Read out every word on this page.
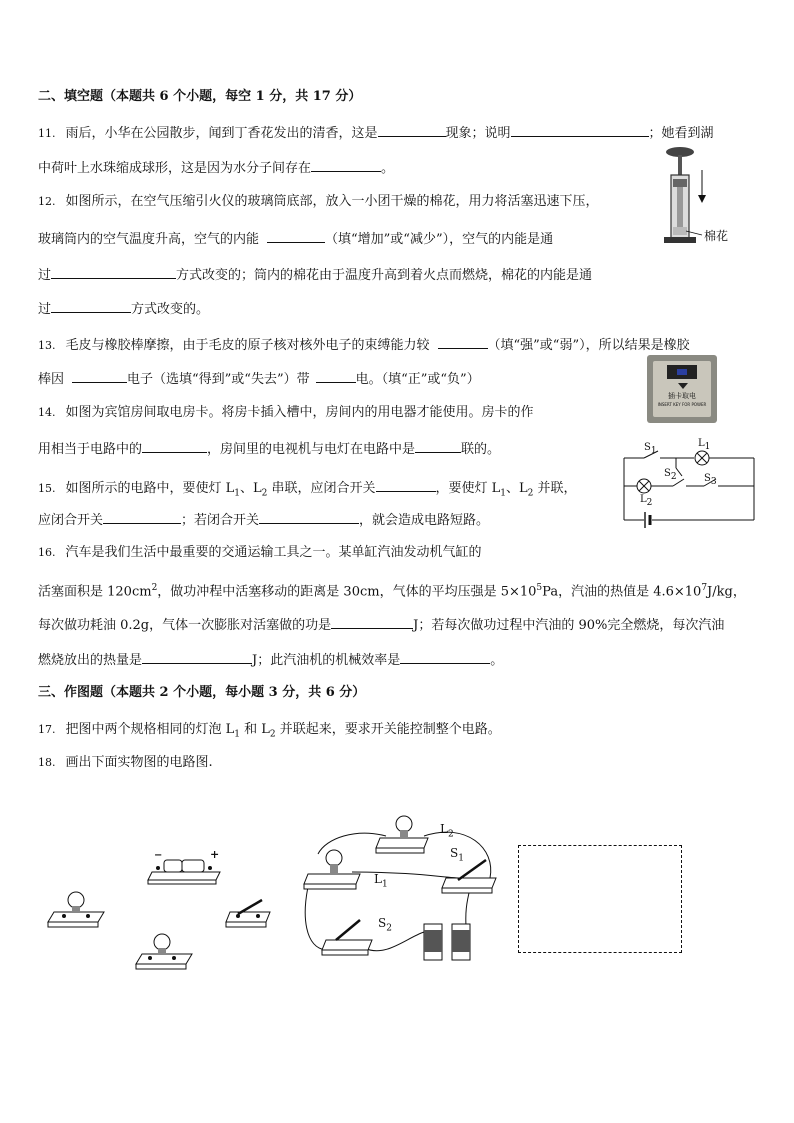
二、填空题（本题共 6 个小题，每空 1 分，共 17 分）
11. 雨后，小华在公园散步，闻到丁香花发出的清香，这是	现象；说明	；她看到湖
中荷叶上水珠缩成球形，这是因为水分子间存在	。
12. 如图所示，在空气压缩引火仪的玻璃筒底部，放入一小团干燥的棉花，用力将活塞迅速下压，
玻璃筒内的空气温度升高，空气的内能	（填“增加”或“减少”），空气的内能是通
过	方式改变的；筒内的棉花由于温度升高到着火点而燃烧，棉花的内能是通
过	方式改变的。
棉花
13. 毛皮与橡胶棒摩擦，由于毛皮的原子核对核外电子的束缚能力较	（填“强”或“弱”），所以结果是橡胶
棒因	电子（选填“得到”或“失去”）带	电。（填“正”或“负”）
插卡取电
INSERT KEY FOR POWER
14. 如图为宾馆房间取电房卡。将房卡插入槽中，房间内的用电器才能使用。房卡的作
用相当于电路中的	，房间里的电视机与电灯在电路中是	联的。
15. 如图所示的电路中，要使灯 $L_1$、$L_2$ 串联，应闭合开关	，要使灯 $L_1$、$L_2$ 并联，
应闭合开关	；若闭合开关	，就会造成电路短路。
$S_1$
$L_1$
$S_2$	$S_3$
$L_2$
16. 汽车是我们生活中最重要的交通运输工具之一。某单缸汽油发动机气缸的
活塞面积是 $120cm^2$，做功冲程中活塞移动的距离是 30cm，气体的平均压强是 $5\times 10^5Pa$，汽油的热值是 $4.6\times 10^7J/kg$，
每次做功耗油 0.2g，气体一次膨胀对活塞做的功是	J；若每次做功过程中汽油的 90%完全燃烧，每次汽油
燃烧放出的热量是	J；此汽油机的机械效率是	。
三、作图题（本题共 2 个小题，每小题 3 分，共 6 分）
17. 把图中两个规格相同的灯泡 $L_1$ 和 $L_2$ 并联起来，要求开关能控制整个电路。
18. 画出下面实物图的电路图.
−	+
$L_2$
$L_1$
$S_1$
$S_2$
